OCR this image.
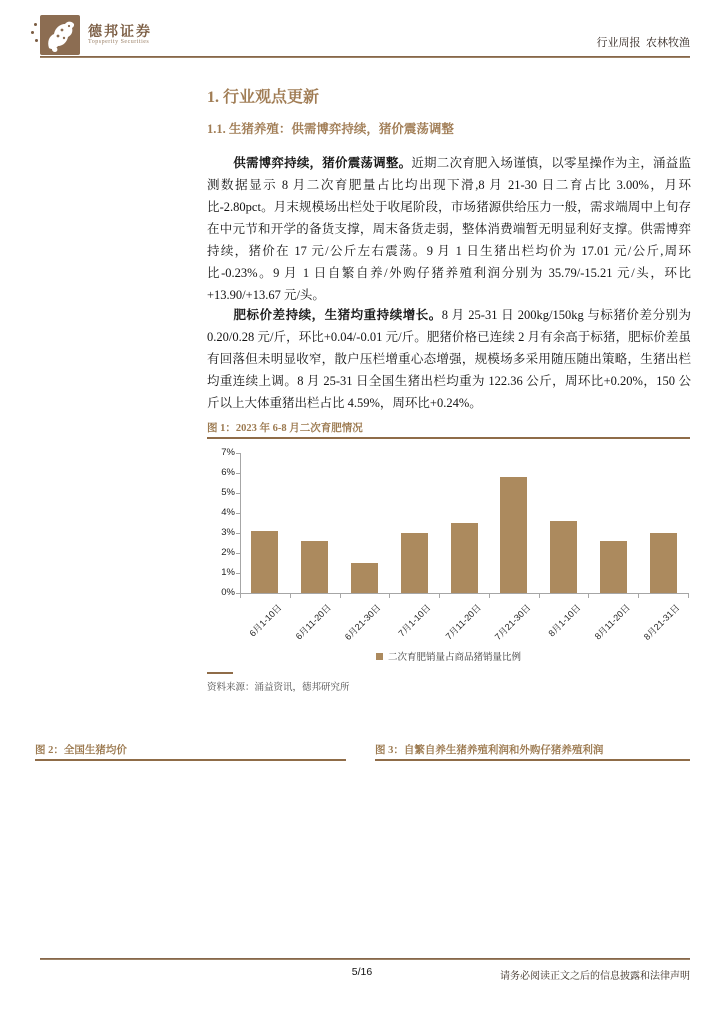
德邦证券
Topsperity Securities	行业周报  农林牧渔
1. 行业观点更新
1.1. 生猪养殖：供需博弈持续，猪价震荡调整
供需博弈持续，猪价震荡调整。近期二次育肥入场谨慎，以零星操作为主，涌益监测数据显示 8 月二次育肥量占比均出现下滑,8 月 21-30 日二育占比 3.00%，月环比-2.80pct。月末规模场出栏处于收尾阶段，市场猪源供给压力一般，需求端周中上旬存在中元节和开学的备货支撑，周末备货走弱，整体消费端暂无明显利好支撑。供需博弈持续，猪价在 17 元/公斤左右震荡。9 月 1 日生猪出栏均价为 17.01 元/公斤,周环比-0.23%。9 月 1 日自繁自养/外购仔猪养殖利润分别为 35.79/-15.21 元/头，环比+13.90/+13.67 元/头。
肥标价差持续，生猪均重持续增长。8 月 25-31 日 200kg/150kg 与标猪价差分别为 0.20/0.28 元/斤，环比+0.04/-0.01 元/斤。肥猪价格已连续 2 月有余高于标猪，肥标价差虽有回落但未明显收窄，散户压栏增重心态增强，规模场多采用随压随出策略，生猪出栏均重连续上调。8 月 25-31 日全国生猪出栏均重为 122.36 公斤，周环比+0.20%，150 公斤以上大体重猪出栏占比 4.59%，周环比+0.24%。
图 1：2023 年 6-8 月二次育肥情况
二次育肥销量占商品猪销量比例
0%
1%
2%
3%
4%
5%
6%
7%
6月1-10日 6月11-20日 6月21-30日 7月1-10日 7月11-20日 7月21-30日 8月1-10日 8月11-20日 8月21-31日
资料来源：涌益资讯，德邦研究所
图 2：全国生猪均价	图 3：自繁自养生猪养殖利润和外购仔猪养殖利润
5/16	请务必阅读正文之后的信息披露和法律声明
